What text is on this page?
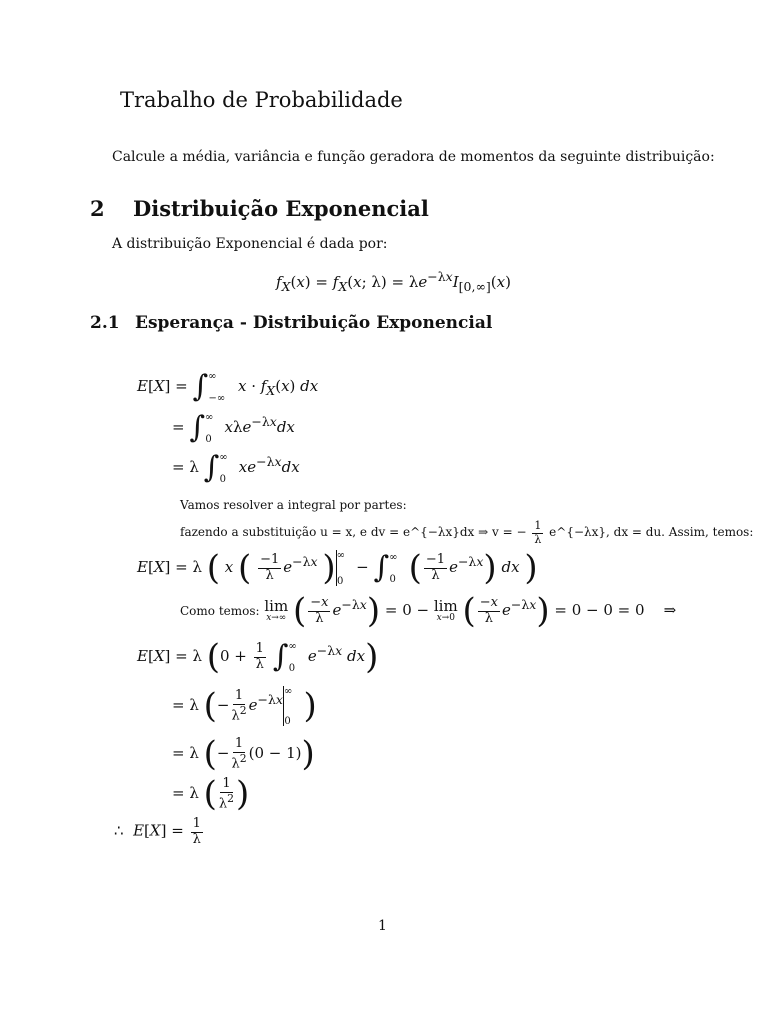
Trabalho de Probabilidade
Calcule a média, variância e função geradora de momentos da seguinte distribuição:
2 Distribuição Exponencial
A distribuição Exponencial é dada por:
$f_X(x) = f_X(x$; $\lambda) = \lambda e^{-\lambda x}I_{[0,\infty]}(x)$
2.1 Esperança - Distribuição Exponencial
$E[X] = \int^\infty_{-\infty}$ $x \cdot f_X(x)$ dx
= $\int^\infty_0$ xλe$^{-\lambda x}$dx
= λ $\int^\infty_0$ $xe^{-\lambda x}dx$
Vamos resolver a integral por partes:
fazendo a substituição u = x, e dv = e^{−λx}dx ⇒ v = − $\frac{1}{\lambda}$ e^{−λx}, dx = du. Assim, temos:
E[X] = λ ( x ( $\frac{-1}{\lambda} e^{-\lambda x}$ )$^\infty_0 - \int^\infty_0$ ( $\frac{-1}{\lambda} e^{-\lambda x}$) dx )
Como temos: lim
x→∞ ( $\frac{-x}{\lambda} e^{-\lambda x}) = 0 - \lim$
x→0 ( $\frac{-x}{\lambda} e^{-\lambda x}) = 0 - 0 = 0$    ⇒
E[X] = λ ($0 + \frac{1}{\lambda} \int^\infty_0$ $e^{-\lambda x}$ dx)
= λ (− $\frac{1}{\lambda^2} e^{-\lambda x\infty}_0$ )
= λ (− $\frac{1}{\lambda^2} (0 - 1)$)
= λ ( $\frac{1}{\lambda^2}$ )
∴  $E[X] = \frac{1}{\lambda}$
1
